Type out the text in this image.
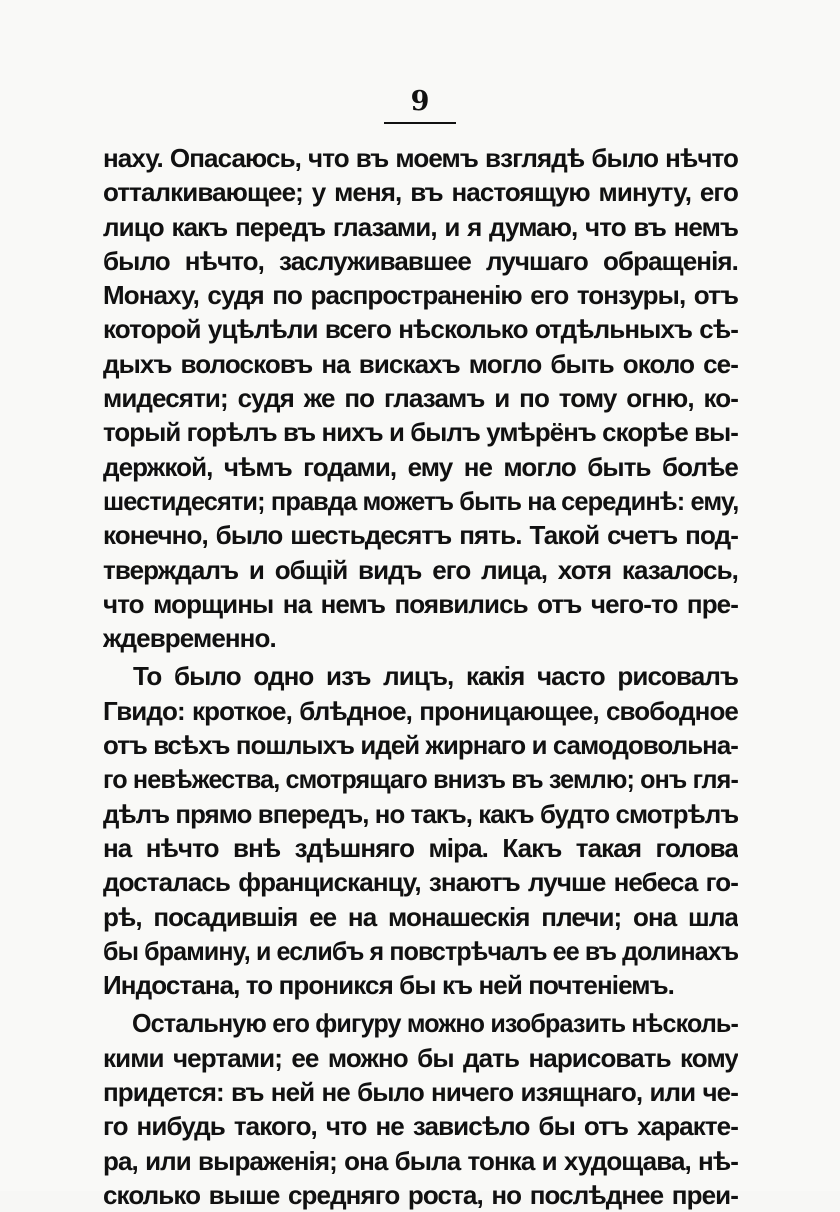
9
наху. Опасаюсь, что въ моемъ взглядѣ было нѣчто
отталкивающее; у меня, въ настоящую минуту, его
лицо какъ передъ глазами, и я думаю, что въ немъ
было нѣчто, заслуживавшее лучшаго обращенія.
Монаху, судя по распространенію его тонзуры, отъ
которой уцѣлѣли всего нѣсколько отдѣльныхъ сѣ-
дыхъ волосковъ на вискахъ могло быть около се-
мидесяти; судя же по глазамъ и по тому огню, ко-
торый горѣлъ въ нихъ и былъ умѣрёнъ скорѣе вы-
держкой, чѣмъ годами, ему не могло быть болѣе
шестидесяти; правда можетъ быть на серединѣ: ему,
конечно, было шестьдесятъ пять. Такой счетъ под-
тверждалъ и общій видъ его лица, хотя казалось,
что морщины на немъ появились отъ чего-то пре-
ждевременно.
То было одно изъ лицъ, какія часто рисовалъ
Гвидо: кроткое, блѣдное, проницающее, свободное
отъ всѣхъ пошлыхъ идей жирнаго и самодовольна-
го невѣжества, смотрящаго внизъ въ землю; онъ гля-
дѣлъ прямо впередъ, но такъ, какъ будто смотрѣлъ
на нѣчто внѣ здѣшняго міра. Какъ такая голова
досталась францисканцу, знаютъ лучше небеса го-
рѣ, посадившія ее на монашескія плечи; она шла
бы брамину, и еслибъ я повстрѣчалъ ее въ долинахъ
Индостана, то проникся бы къ ней почтеніемъ.
Остальную его фигуру можно изобразить нѣсколь-
кими чертами; ее можно бы дать нарисовать кому
придется: въ ней не было ничего изящнаго, или че-
го нибудь такого, что не зависѣло бы отъ характе-
ра, или выраженія; она была тонка и худощава, нѣ-
сколько выше средняго роста, но послѣднее преи-
